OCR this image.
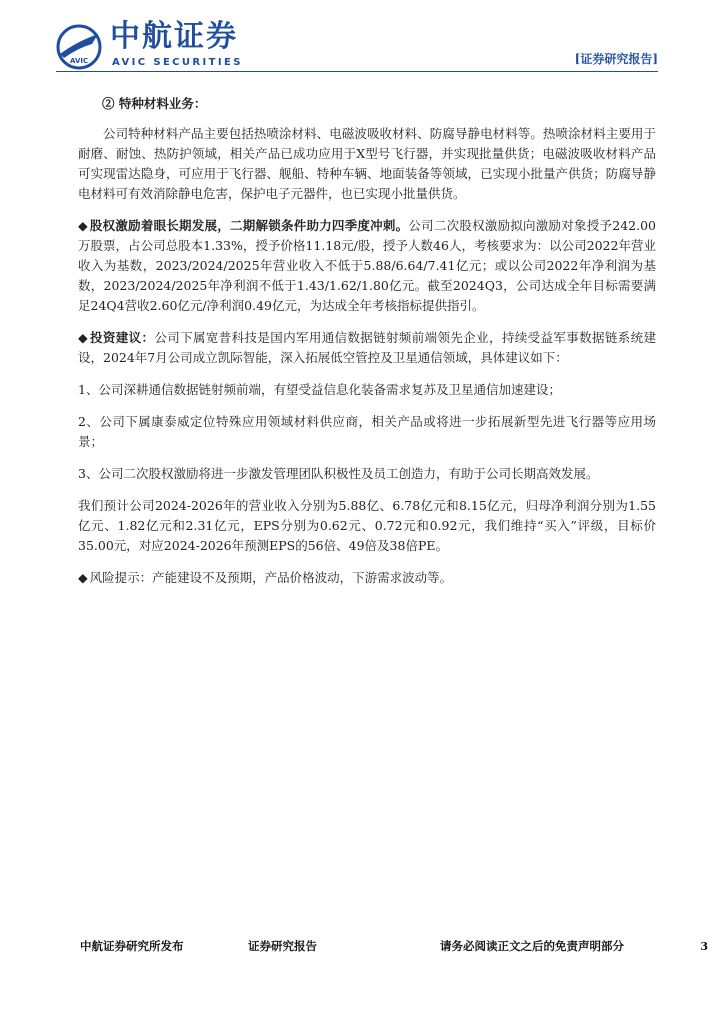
AVIC
中航证券
AVIC SECURITIES	[证券研究报告]
② 特种材料业务：

公司特种材料产品主要包括热喷涂材料、电磁波吸收材料、防腐导静电材料等。热喷涂材料主要用于耐磨、耐蚀、热防护领域，相关产品已成功应用于X型号飞行器，并实现批量供货；电磁波吸收材料产品可实现雷达隐身，可应用于飞行器、舰船、特种车辆、地面装备等领域，已实现小批量产供货；防腐导静电材料可有效消除静电危害，保护电子元器件，也已实现小批量供货。

◆ 股权激励着眼长期发展，二期解锁条件助力四季度冲刺。公司二次股权激励拟向激励对象授予242.00万股票，占公司总股本1.33%，授予价格11.18元/股，授予人数46人，考核要求为：以公司2022年营业收入为基数，2023/2024/2025年营业收入不低于5.88/6.64/7.41亿元；或以公司2022年净利润为基数，2023/2024/2025年净利润不低于1.43/1.62/1.80亿元。截至2024Q3，公司达成全年目标需要满足24Q4营收2.60亿元/净利润0.49亿元，为达成全年考核指标提供指引。

◆ 投资建议：公司下属宽普科技是国内军用通信数据链射频前端领先企业，持续受益军事数据链系统建设，2024年7月公司成立凯际智能，深入拓展低空管控及卫星通信领域，具体建议如下：

1、公司深耕通信数据链射频前端，有望受益信息化装备需求复苏及卫星通信加速建设；

2、公司下属康泰威定位特殊应用领域材料供应商，相关产品或将进一步拓展新型先进飞行器等应用场景；

3、公司二次股权激励将进一步激发管理团队积极性及员工创造力，有助于公司长期高效发展。

我们预计公司2024-2026年的营业收入分别为5.88亿、6.78亿元和8.15亿元，归母净利润分别为1.55亿元、1.82亿元和2.31亿元，EPS分别为0.62元、0.72元和0.92元，我们维持“买入”评级，目标价35.00元，对应2024-2026年预测EPS的56倍、49倍及38倍PE。

◆ 风险提示：产能建设不及预期，产品价格波动，下游需求波动等。

中航证券研究所发布	证券研究报告	请务必阅读正文之后的免责声明部分	3
